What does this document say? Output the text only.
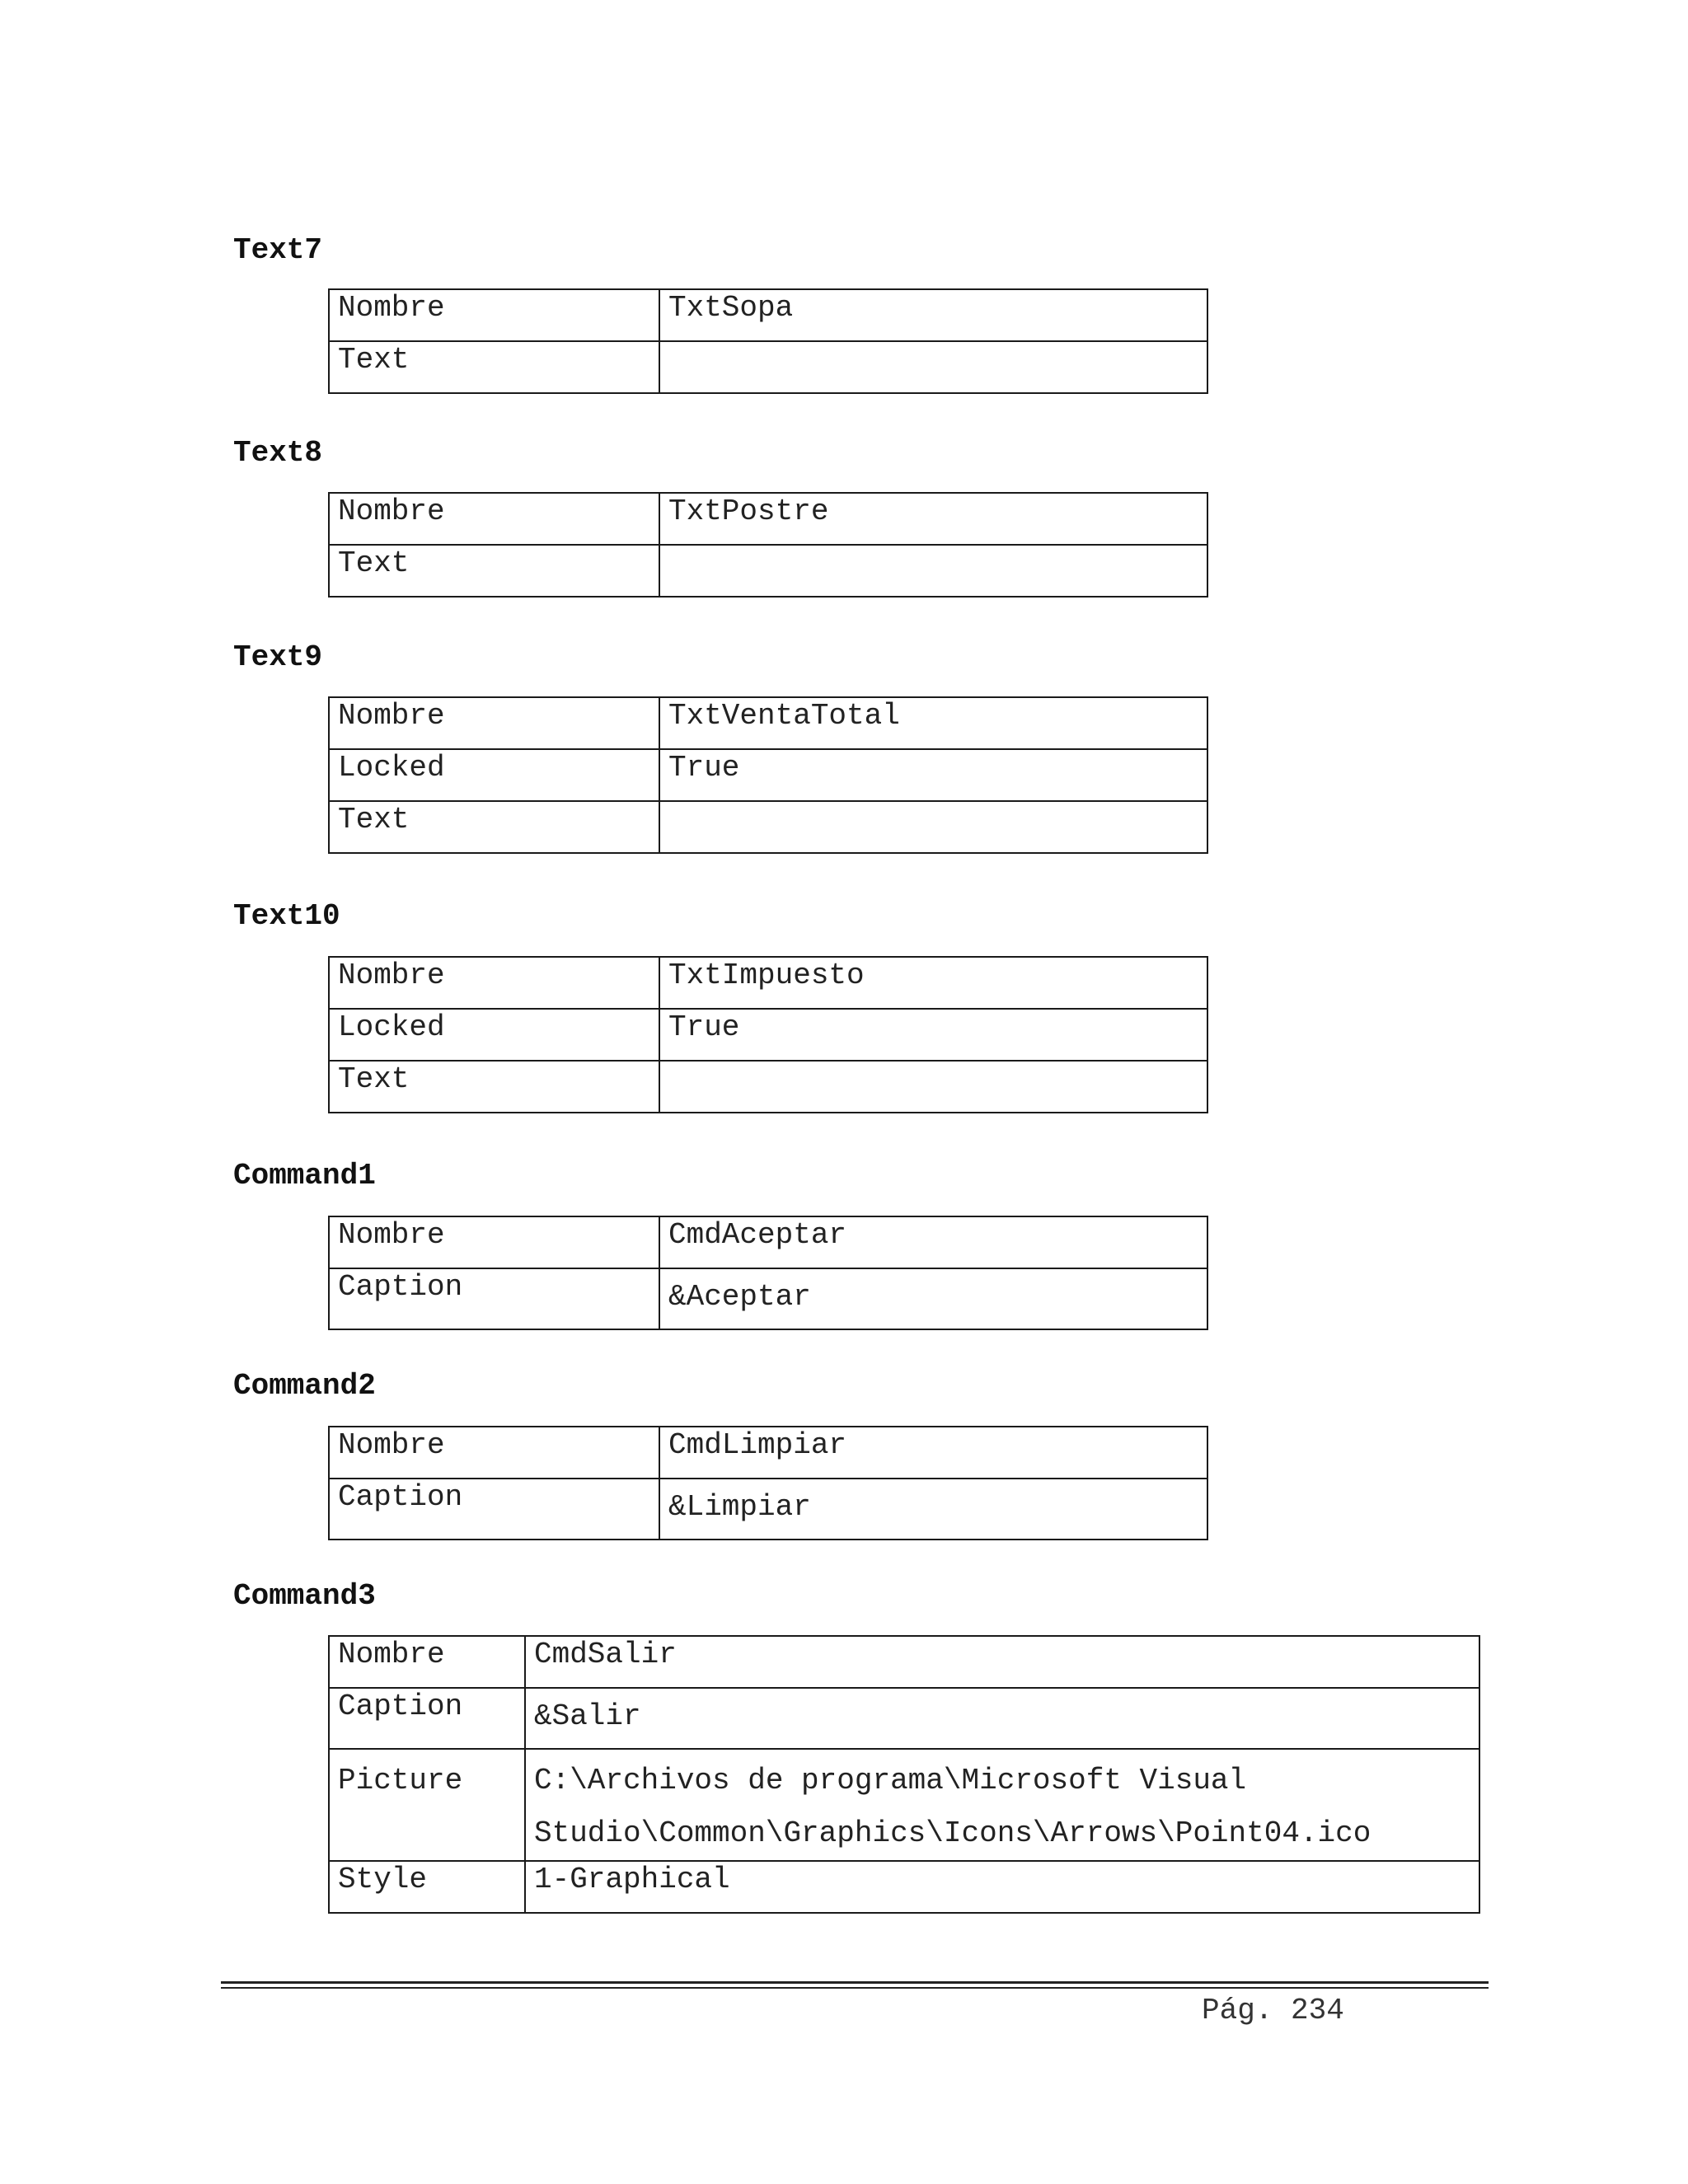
Text7
Nombre	TxtSopa
Text	
Text8
Nombre	TxtPostre
Text	
Text9
Nombre	TxtVentaTotal
Locked	True
Text	
Text10
Nombre	TxtImpuesto
Locked	True
Text	
Command1
Nombre	CmdAceptar
Caption	&Aceptar
Command2
Nombre	CmdLimpiar
Caption	&Limpiar
Command3
Nombre	CmdSalir
Caption	&Salir
Picture	C:\Archivos de programa\Microsoft Visual
Studio\Common\Graphics\Icons\Arrows\Point04.ico
Style	1-Graphical
Pág. 234
